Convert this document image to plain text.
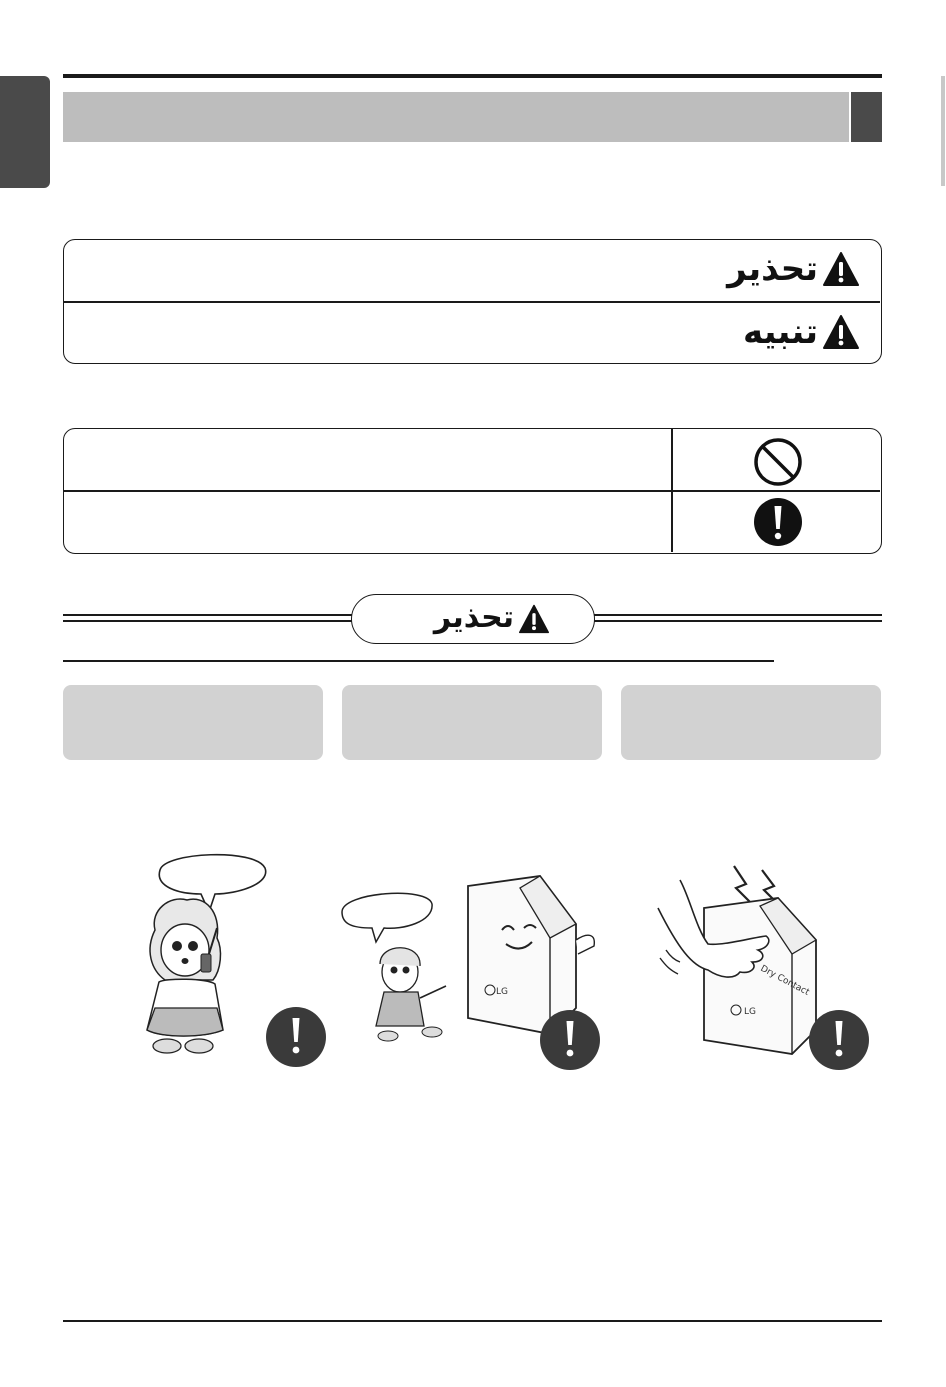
تحذير
تنبيه
تحذير
LG	Dry Contact
LG
